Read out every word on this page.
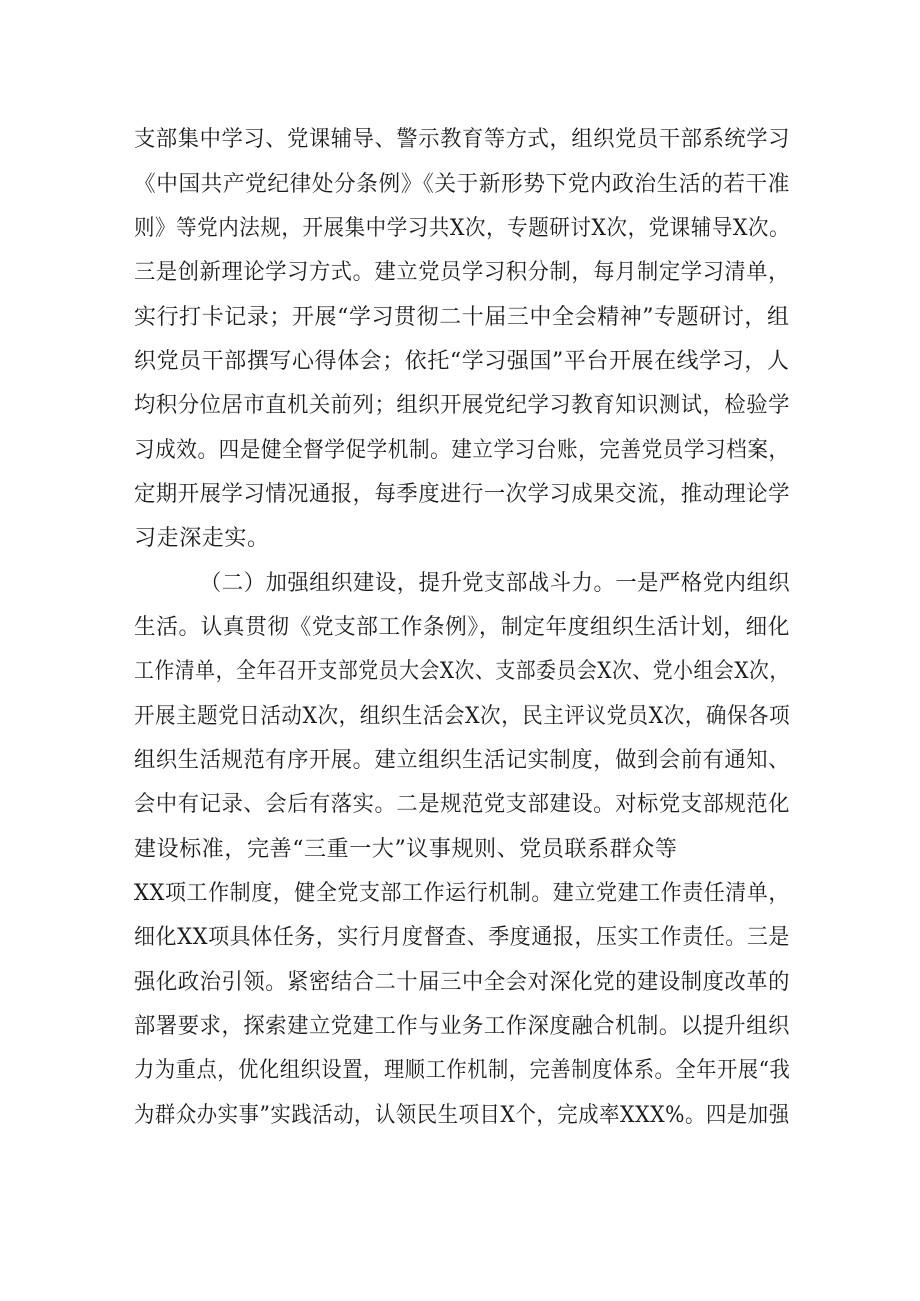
支部集中学习、党课辅导、警示教育等方式，组织党员干部系统学习
《中国共产党纪律处分条例》《关于新形势下党内政治生活的若干准
则》等党内法规，开展集中学习共X次，专题研讨X次，党课辅导X次。
三是创新理论学习方式。建立党员学习积分制，每月制定学习清单，
实行打卡记录；开展“学习贯彻二十届三中全会精神”专题研讨，组
织党员干部撰写心得体会；依托“学习强国”平台开展在线学习，人
均积分位居市直机关前列；组织开展党纪学习教育知识测试，检验学
习成效。四是健全督学促学机制。建立学习台账，完善党员学习档案，
定期开展学习情况通报，每季度进行一次学习成果交流，推动理论学
习走深走实。
（二）加强组织建设，提升党支部战斗力。一是严格党内组织
生活。认真贯彻《党支部工作条例》，制定年度组织生活计划，细化
工作清单，全年召开支部党员大会X次、支部委员会X次、党小组会X次，
开展主题党日活动X次，组织生活会X次，民主评议党员X次，确保各项
组织生活规范有序开展。建立组织生活记实制度，做到会前有通知、
会中有记录、会后有落实。二是规范党支部建设。对标党支部规范化
建设标准，完善“三重一大”议事规则、党员联系群众等
XX项工作制度，健全党支部工作运行机制。建立党建工作责任清单，
细化XX项具体任务，实行月度督查、季度通报，压实工作责任。三是
强化政治引领。紧密结合二十届三中全会对深化党的建设制度改革的
部署要求，探索建立党建工作与业务工作深度融合机制。以提升组织
力为重点，优化组织设置，理顺工作机制，完善制度体系。全年开展“我
为群众办实事”实践活动，认领民生项目X个，完成率XXX%。四是加强
